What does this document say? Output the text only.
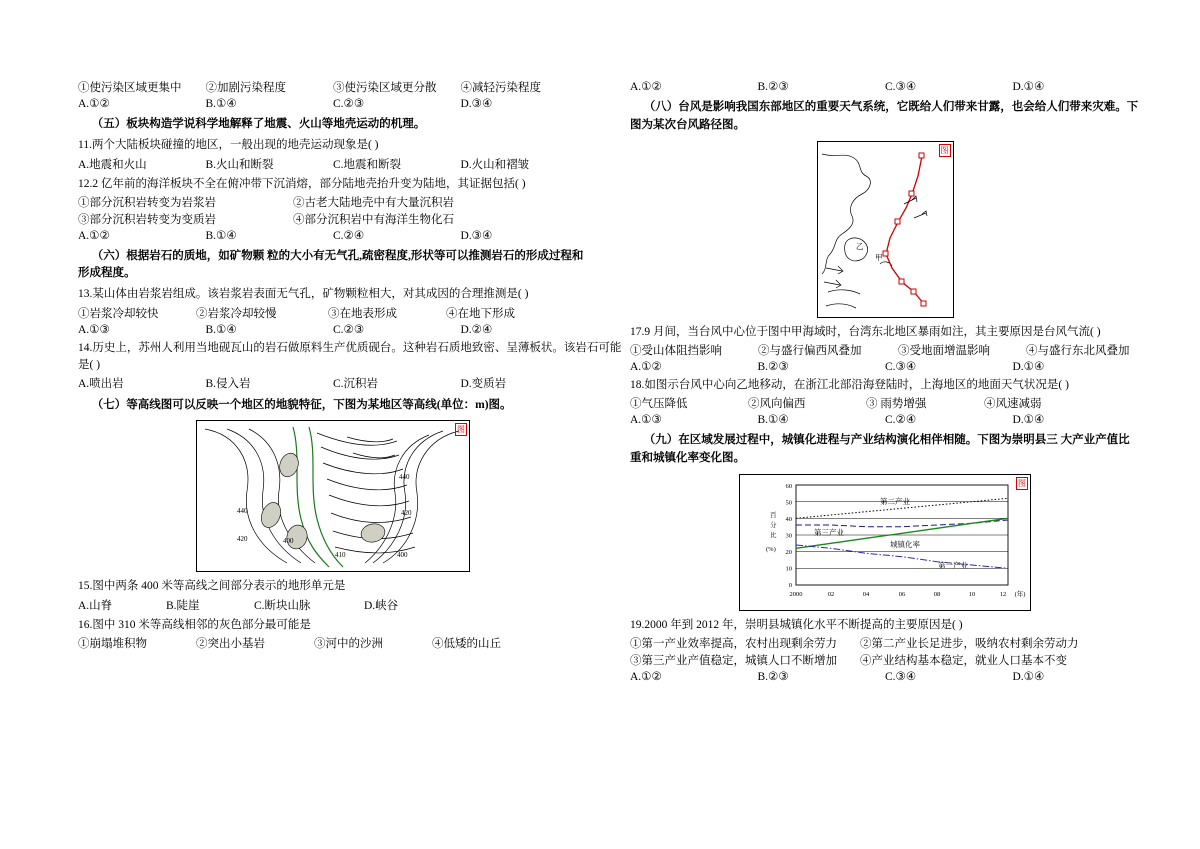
①使污染区域更集中	②加剧污染程度	③使污染区域更分散	④减轻污染程度
A.①②	B.①④	C.②③	D.③④
（五）板块构造学说科学地解释了地震、火山等地壳运动的机理。
11.两个大陆板块碰撞的地区，一般出现的地壳运动现象是( )
A.地震和火山	B.火山和断裂	C.地震和断裂	D.火山和褶皱
12.2 亿年前的海洋板块不全在俯冲带下沉消熔，部分陆地壳抬升变为陆地，其证据包括( )
①部分沉积岩转变为岩浆岩	②古老大陆地壳中有大量沉积岩
③部分沉积岩转变为变质岩	④部分沉积岩中有海洋生物化石
A.①②	B.①④	C.②④	D.③④
（六）根据岩石的质地，如矿物颗 粒的大小有无气孔,疏密程度,形状等可以推测岩石的形成过程和形成程度。
13.某山体由岩浆岩组成。该岩浆岩表面无气孔，矿物颗粒相大，对其成因的合理推测是( )
①岩浆冷却较快	②岩浆冷却较慢	③在地表形成	④在地下形成
A.①③	B.①④	C.②③	D.②④
14.历史上，苏州人利用当地砚瓦山的岩石做原料生产优质砚台。这种岩石质地致密、呈薄板状。该岩石可能
是( )
A.喷出岩	B.侵入岩	C.沉积岩	D.变质岩
（七）等高线图可以反映一个地区的地貌特征，下图为某地区等高线(单位：m)图。
图
440
420
440
420	400
410	400
15.图中两条 400 米等高线之间部分表示的地形单元是
A.山脊	B.陡崖	C.断块山脉	D.峡谷
16.图中 310 米等高线相邻的灰色部分最可能是
①崩塌堆积物	②突出小基岩	③河中的沙洲	④低矮的山丘
A.①②	B.②③	C.③④	D.①④
（八）台风是影响我国东部地区的重要天气系统，它既给人们带来甘露，也会给人们带来灾难。下图为某次台风路径图。
图
甲
乙
17.9 月间，当台风中心位于图中甲海域时，台湾东北地区暴雨如注，其主要原因是台风气流( )
①受山体阻挡影响	②与盛行偏西风叠加	③受地面增温影响	④与盛行东北风叠加
A.①②	B.②③	C.③④	D.①④
18.如图示台风中心向乙地移动，在浙江北部沿海登陆时，上海地区的地面天气状况是( )
①气压降低	②风向偏西	③ 雨势增强	④风速减弱
A.①③	B.①④	C.②④	D.①④
（九）在区域发展过程中，城镇化进程与产业结构演化相伴相随。下图为崇明县三 大产业产值比重和城镇化率变化图。
图
60
50
40
30
20
10
0
百
分
比
(%)
2000	02	04	06	08	10	12 (年)
第二产业
第三产业
城镇化率
第一产业
19.2000 年到 2012 年，崇明县城镇化水平不断提高的主要原因是( )
①第一产业效率提高，农村出现剩余劳力	②第二产业长足进步，吸纳农村剩余劳动力
③第三产业产值稳定，城镇人口不断增加	④产业结构基本稳定，就业人口基本不变
A.①②	B.②③	C.③④	D.①④
